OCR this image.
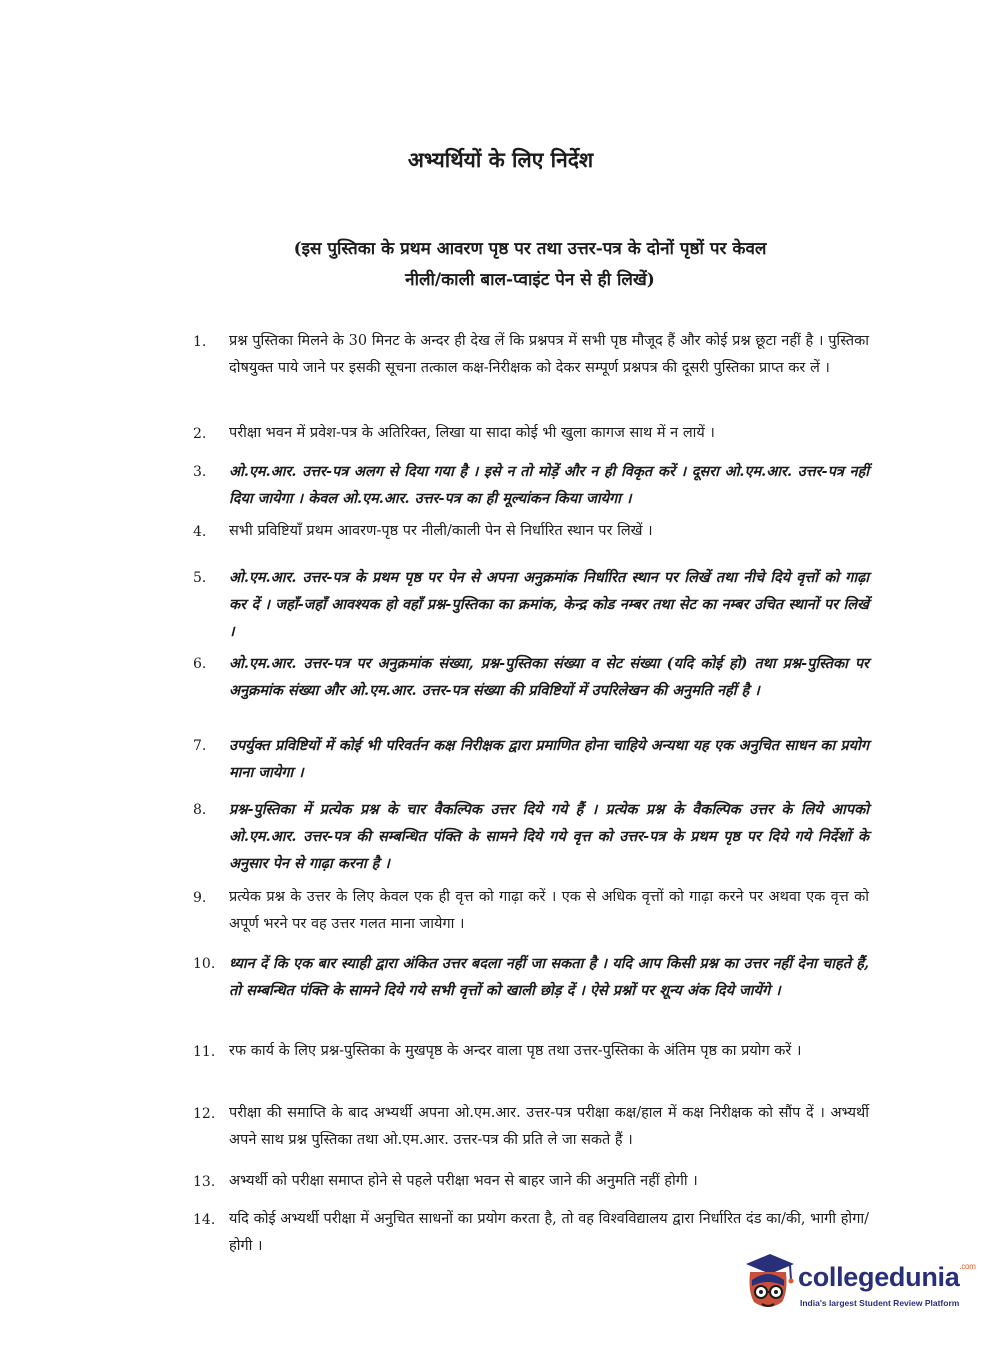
अभ्यर्थियों के लिए निर्देश
(इस पुस्तिका के प्रथम आवरण पृष्ठ पर तथा उत्तर-पत्र के दोनों पृष्ठों पर केवल
नीली/काली बाल-प्वाइंट पेन से ही लिखें)
1.	प्रश्न पुस्तिका मिलने के 30 मिनट के अन्दर ही देख लें कि प्रश्नपत्र में सभी पृष्ठ मौजूद हैं और कोई प्रश्न छूटा नहीं है । पुस्तिका दोषयुक्त पाये जाने पर इसकी सूचना तत्काल कक्ष-निरीक्षक को देकर सम्पूर्ण प्रश्नपत्र की दूसरी पुस्तिका प्राप्त कर लें ।
2.	परीक्षा भवन में प्रवेश-पत्र के अतिरिक्त, लिखा या सादा कोई भी खुला कागज साथ में न लायें ।
3.	ओ.एम.आर. उत्तर-पत्र अलग से दिया गया है । इसे न तो मोड़ें और न ही विकृत करें । दूसरा ओ.एम.आर. उत्तर-पत्र नहीं दिया जायेगा । केवल ओ.एम.आर. उत्तर-पत्र का ही मूल्यांकन किया जायेगा ।
4.	सभी प्रविष्टियाँ प्रथम आवरण-पृष्ठ पर नीली/काली पेन से निर्धारित स्थान पर लिखें ।
5.	ओ.एम.आर. उत्तर-पत्र के प्रथम पृष्ठ पर पेन से अपना अनुक्रमांक निर्धारित स्थान पर लिखें तथा नीचे दिये वृत्तों को गाढ़ा कर दें । जहाँ-जहाँ आवश्यक हो वहाँ प्रश्न-पुस्तिका का क्रमांक, केन्द्र कोड नम्बर तथा सेट का नम्बर उचित स्थानों पर लिखें ।
6.	ओ.एम.आर. उत्तर-पत्र पर अनुक्रमांक संख्या, प्रश्न-पुस्तिका संख्या व सेट संख्या (यदि कोई हो) तथा प्रश्न-पुस्तिका पर अनुक्रमांक संख्या और ओ.एम.आर. उत्तर-पत्र संख्या की प्रविष्टियों में उपरिलेखन की अनुमति नहीं है ।
7.	उपर्युक्त प्रविष्टियों में कोई भी परिवर्तन कक्ष निरीक्षक द्वारा प्रमाणित होना चाहिये अन्यथा यह एक अनुचित साधन का प्रयोग माना जायेगा ।
8.	प्रश्न-पुस्तिका में प्रत्येक प्रश्न के चार वैकल्पिक उत्तर दिये गये हैं । प्रत्येक प्रश्न के वैकल्पिक उत्तर के लिये आपको ओ.एम.आर. उत्तर-पत्र की सम्बन्धित पंक्ति के सामने दिये गये वृत्त को उत्तर-पत्र के प्रथम पृष्ठ पर दिये गये निर्देशों के अनुसार पेन से गाढ़ा करना है ।
9.	प्रत्येक प्रश्न के उत्तर के लिए केवल एक ही वृत्त को गाढ़ा करें । एक से अधिक वृत्तों को गाढ़ा करने पर अथवा एक वृत्त को अपूर्ण भरने पर वह उत्तर गलत माना जायेगा ।
10. ध्यान दें कि एक बार स्याही द्वारा अंकित उत्तर बदला नहीं जा सकता है । यदि आप किसी प्रश्न का उत्तर नहीं देना चाहते हैं, तो सम्बन्धित पंक्ति के सामने दिये गये सभी वृत्तों को खाली छोड़ दें । ऐसे प्रश्नों पर शून्य अंक दिये जायेंगे ।
11. रफ कार्य के लिए प्रश्न-पुस्तिका के मुखपृष्ठ के अन्दर वाला पृष्ठ तथा उत्तर-पुस्तिका के अंतिम पृष्ठ का प्रयोग करें ।
12. परीक्षा की समाप्ति के बाद अभ्यर्थी अपना ओ.एम.आर. उत्तर-पत्र परीक्षा कक्ष/हाल में कक्ष निरीक्षक को सौंप दें । अभ्यर्थी अपने साथ प्रश्न पुस्तिका तथा ओ.एम.आर. उत्तर-पत्र की प्रति ले जा सकते हैं ।
13. अभ्यर्थी को परीक्षा समाप्त होने से पहले परीक्षा भवन से बाहर जाने की अनुमति नहीं होगी ।
14. यदि कोई अभ्यर्थी परीक्षा में अनुचित साधनों का प्रयोग करता है, तो वह विश्वविद्यालय द्वारा निर्धारित दंड का/की, भागी होगा/होगी ।
collegedunia$^{.com}$
India's largest Student Review Platform
